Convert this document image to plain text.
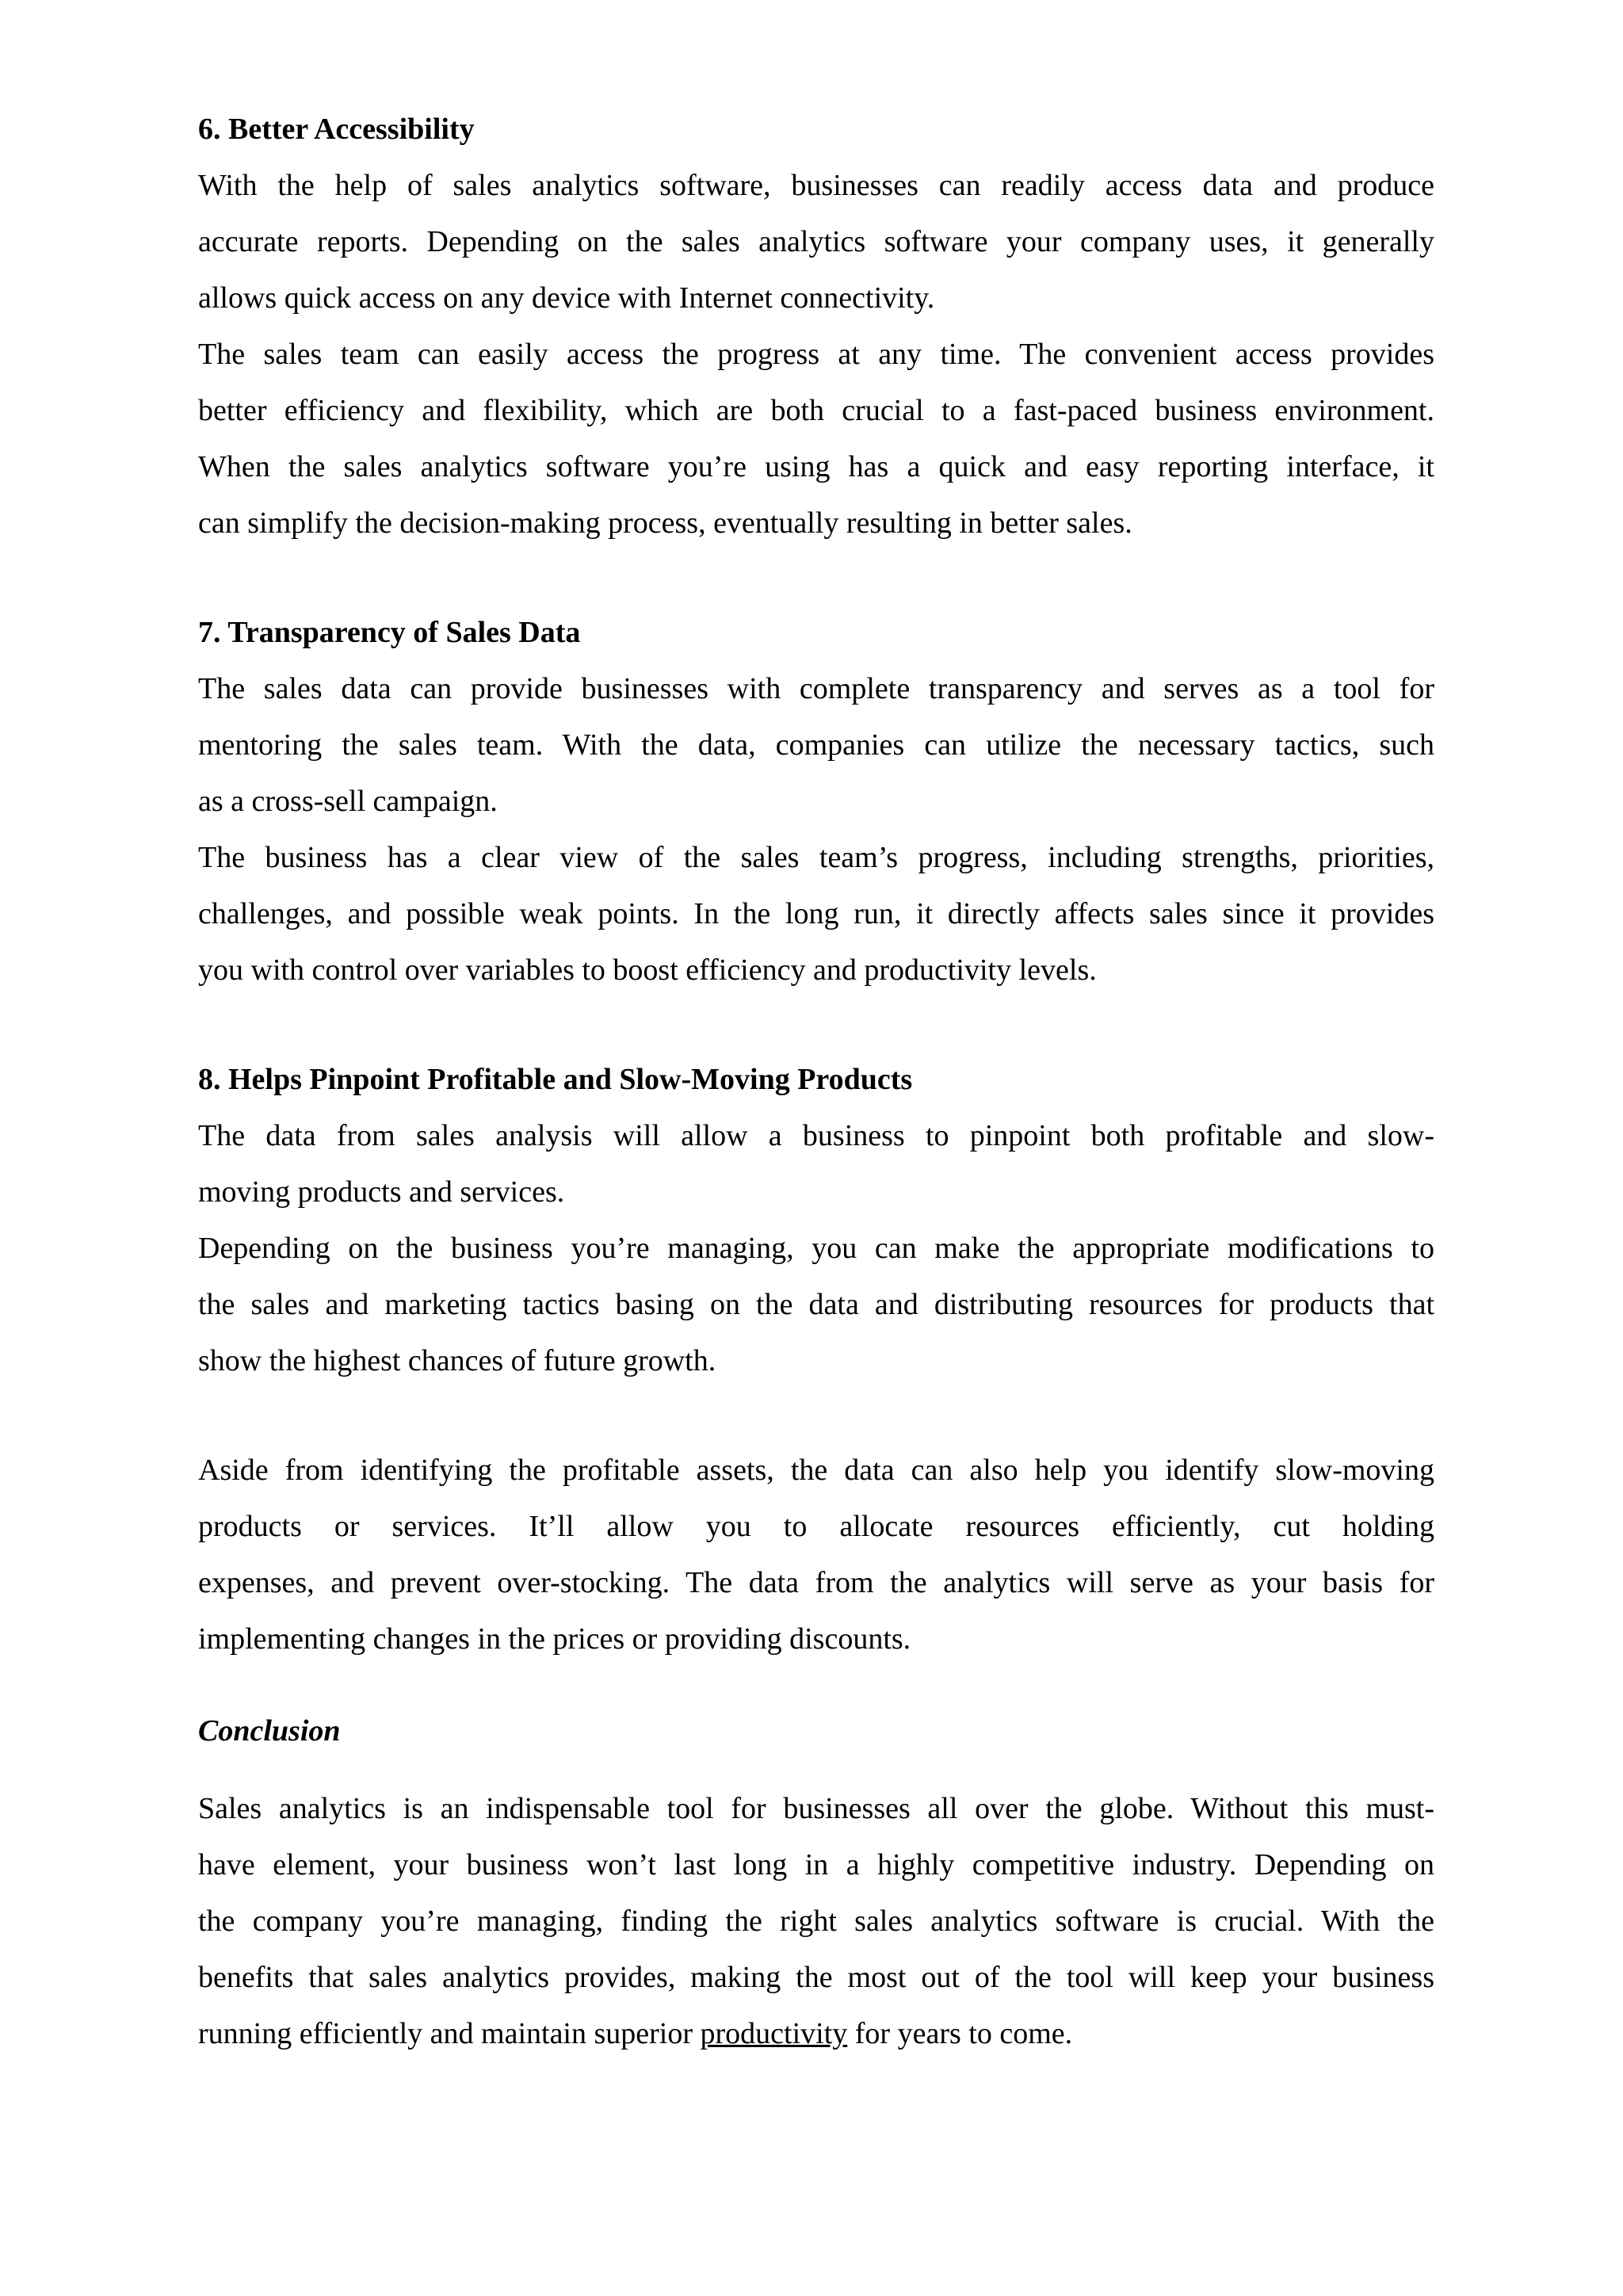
6. Better Accessibility
With the help of sales analytics software, businesses can readily access data and produce
accurate reports. Depending on the sales analytics software your company uses, it generally
allows quick access on any device with Internet connectivity.
The sales team can easily access the progress at any time. The convenient access provides
better efficiency and flexibility, which are both crucial to a fast-paced business environment.
When the sales analytics software you’re using has a quick and easy reporting interface, it
can simplify the decision-making process, eventually resulting in better sales.
7. Transparency of Sales Data
The sales data can provide businesses with complete transparency and serves as a tool for
mentoring the sales team. With the data, companies can utilize the necessary tactics, such
as a cross-sell campaign.
The business has a clear view of the sales team’s progress, including strengths, priorities,
challenges, and possible weak points. In the long run, it directly affects sales since it provides
you with control over variables to boost efficiency and productivity levels.
8. Helps Pinpoint Profitable and Slow-Moving Products
The data from sales analysis will allow a business to pinpoint both profitable and slow-
moving products and services.
Depending on the business you’re managing, you can make the appropriate modifications to
the sales and marketing tactics basing on the data and distributing resources for products that
show the highest chances of future growth.
Aside from identifying the profitable assets, the data can also help you identify slow-moving
products or services. It’ll allow you to allocate resources efficiently, cut holding
expenses, and prevent over-stocking. The data from the analytics will serve as your basis for
implementing changes in the prices or providing discounts.
Conclusion
Sales analytics is an indispensable tool for businesses all over the globe. Without this must-
have element, your business won’t last long in a highly competitive industry. Depending on
the company you’re managing, finding the right sales analytics software is crucial. With the
benefits that sales analytics provides, making the most out of the tool will keep your business
running efficiently and maintain superior productivity for years to come.
